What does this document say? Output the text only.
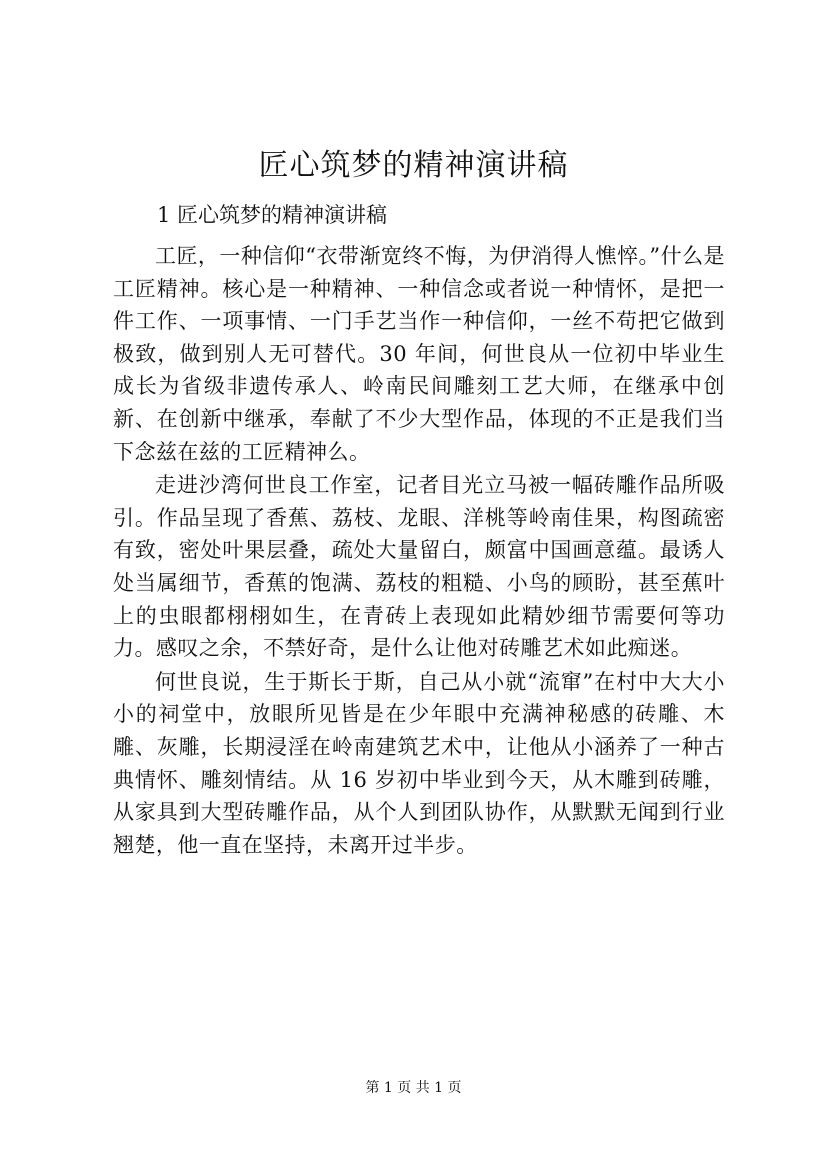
匠心筑梦的精神演讲稿

1 匠心筑梦的精神演讲稿

工匠，一种信仰“衣带渐宽终不悔，为伊消得人憔悴。”什么是工匠精神。核心是一种精神、一种信念或者说一种情怀，是把一件工作、一项事情、一门手艺当作一种信仰，一丝不苟把它做到极致，做到别人无可替代。30 年间，何世良从一位初中毕业生成长为省级非遗传承人、岭南民间雕刻工艺大师，在继承中创新、在创新中继承，奉献了不少大型作品，体现的不正是我们当下念兹在兹的工匠精神么。

走进沙湾何世良工作室，记者目光立马被一幅砖雕作品所吸引。作品呈现了香蕉、荔枝、龙眼、洋桃等岭南佳果，构图疏密有致，密处叶果层叠，疏处大量留白，颇富中国画意蕴。最诱人处当属细节，香蕉的饱满、荔枝的粗糙、小鸟的顾盼，甚至蕉叶上的虫眼都栩栩如生，在青砖上表现如此精妙细节需要何等功力。感叹之余，不禁好奇，是什么让他对砖雕艺术如此痴迷。

何世良说，生于斯长于斯，自己从小就“流窜”在村中大大小小的祠堂中，放眼所见皆是在少年眼中充满神秘感的砖雕、木雕、灰雕，长期浸淫在岭南建筑艺术中，让他从小涵养了一种古典情怀、雕刻情结。从 16 岁初中毕业到今天，从木雕到砖雕，从家具到大型砖雕作品，从个人到团队协作，从默默无闻到行业翘楚，他一直在坚持，未离开过半步。

第 1 页 共 1 页
